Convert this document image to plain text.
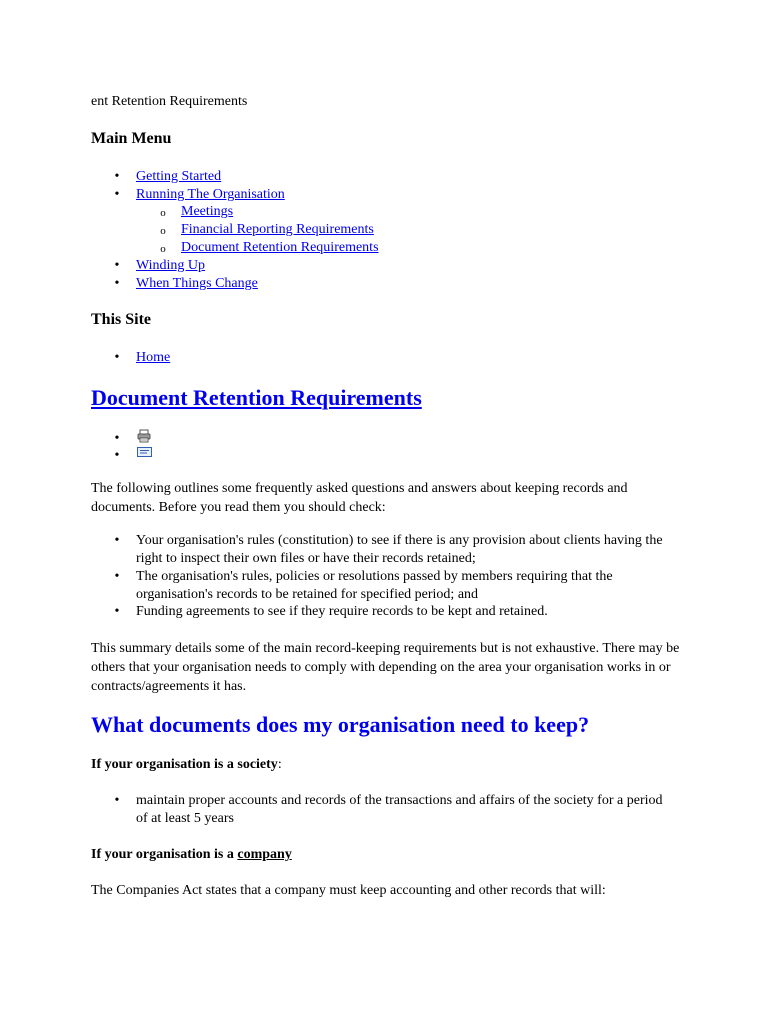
ent Retention Requirements
Main Menu
• Getting Started
• Running The Organisation
o Meetings
o Financial Reporting Requirements
o Document Retention Requirements
• Winding Up
• When Things Change
This Site
• Home
Document Retention Requirements
•
•
The following outlines some frequently asked questions and answers about keeping records and documents. Before you read them you should check:
• Your organisation's rules (constitution) to see if there is any provision about clients having the right to inspect their own files or have their records retained;
• The organisation's rules, policies or resolutions passed by members requiring that the organisation's records to be retained for specified period; and
• Funding agreements to see if they require records to be kept and retained.
This summary details some of the main record-keeping requirements but is not exhaustive. There may be others that your organisation needs to comply with depending on the area your organisation works in or contracts/agreements it has.
What documents does my organisation need to keep?
If your organisation is a society:
• maintain proper accounts and records of the transactions and affairs of the society for a period of at least 5 years
If your organisation is a company
The Companies Act states that a company must keep accounting and other records that will:
